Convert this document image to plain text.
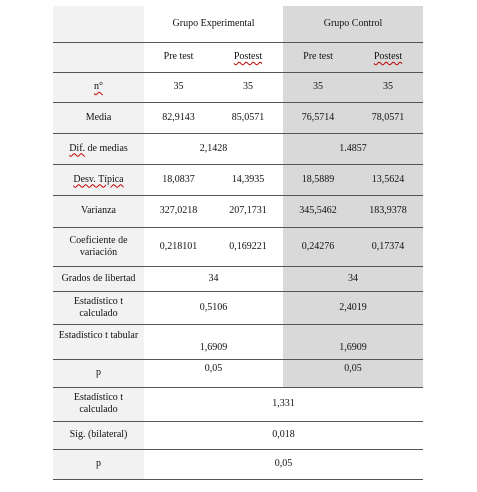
	Grupo Experimental		Grupo Control	
	Pre test	Postest	Pre test	Postest
n°	35	35	35	35
Media	82,9143	85,0571	76,5714	78,0571
Dif. de medias	2,1428		1.4857	
Desv. Típica	18,0837	14,3935	18,5889	13,5624
Varianza	327,0218	207,1731	345,5462	183,9378
Coeficiente de variación	0,218101	0,169221	0,24276	0,17374
Grados de libertad	34		34	
Estadístico t calculado	0,5106		2,4019	
Estadístico t tabular	1,6909		1,6909	
p	0,05		0,05	
Estadístico t calculado	1,331			
Sig. (bilateral)	0,018			
p	0,05			
